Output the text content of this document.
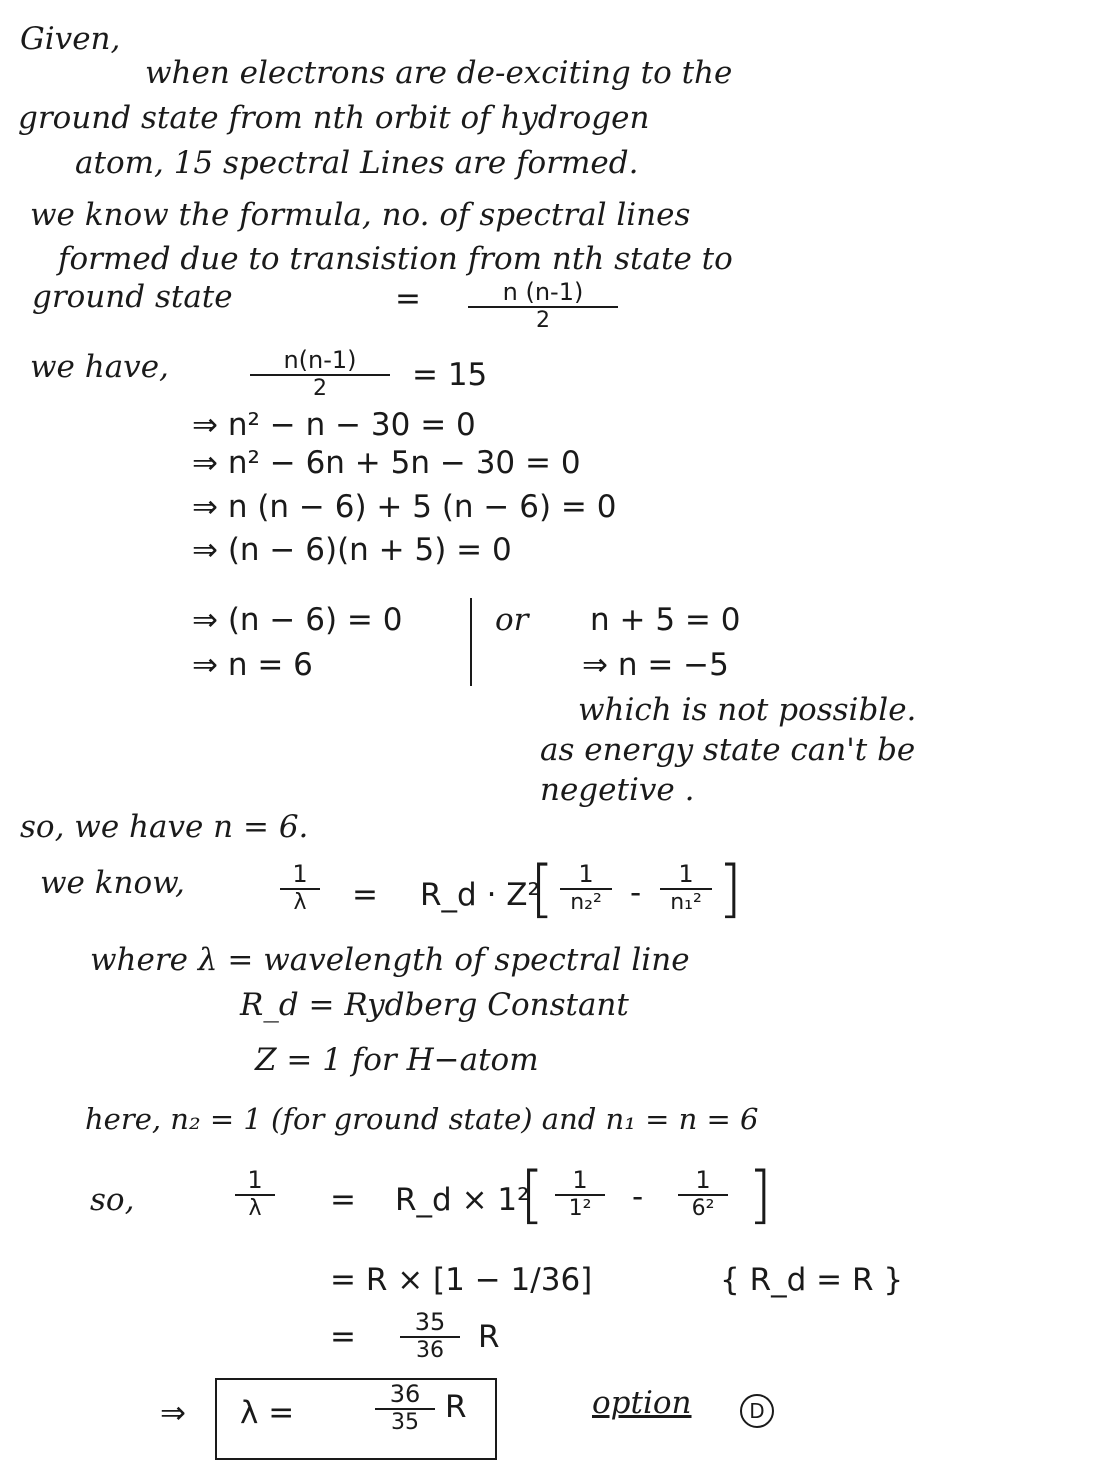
Given,
when electrons are de-exciting to the
ground state from nth orbit of hydrogen
atom, 15 spectral Lines are formed.
we know the formula, no. of spectral lines
formed due to transistion from nth state to
ground state	= $\frac{n (n-1)}{2}$
we have,	$\frac{n(n-1)}{2} = 15$
⇒ n² − n − 30 = 0
⇒ n² − 6n + 5n − 30 = 0
⇒ n (n − 6) + 5 (n − 6) = 0
⇒ (n − 6)(n + 5) = 0
⇒ (n − 6) = 0
⇒ n = 6
or n + 5 = 0
⇒ n = −5
which is not possible.
as energy state can't be
negetive .
so, we have n = 6.
we know,	$\frac{1}{\lambda}$ = R_d · Z²
[ $\frac{1}{\text{n₂²}} - \frac{1}{\text{n₁²}}$ ]
where λ = wavelength of spectral line
R_d = Rydberg Constant
Z = 1 for H−atom
here, n₂ = 1 (for ground state) and n₁ = n = 6
so,	$\frac{1}{\lambda}$ = R_d × 1²
[ $\frac{1}{\text{1²}} - \frac{1}{\text{6²}}$ ]
= R × [1 − 1/36]	{ R_d = R }
= $\frac{35}{36}$ R
⇒ λ =	$\frac{36}{35}$ R	option	D
